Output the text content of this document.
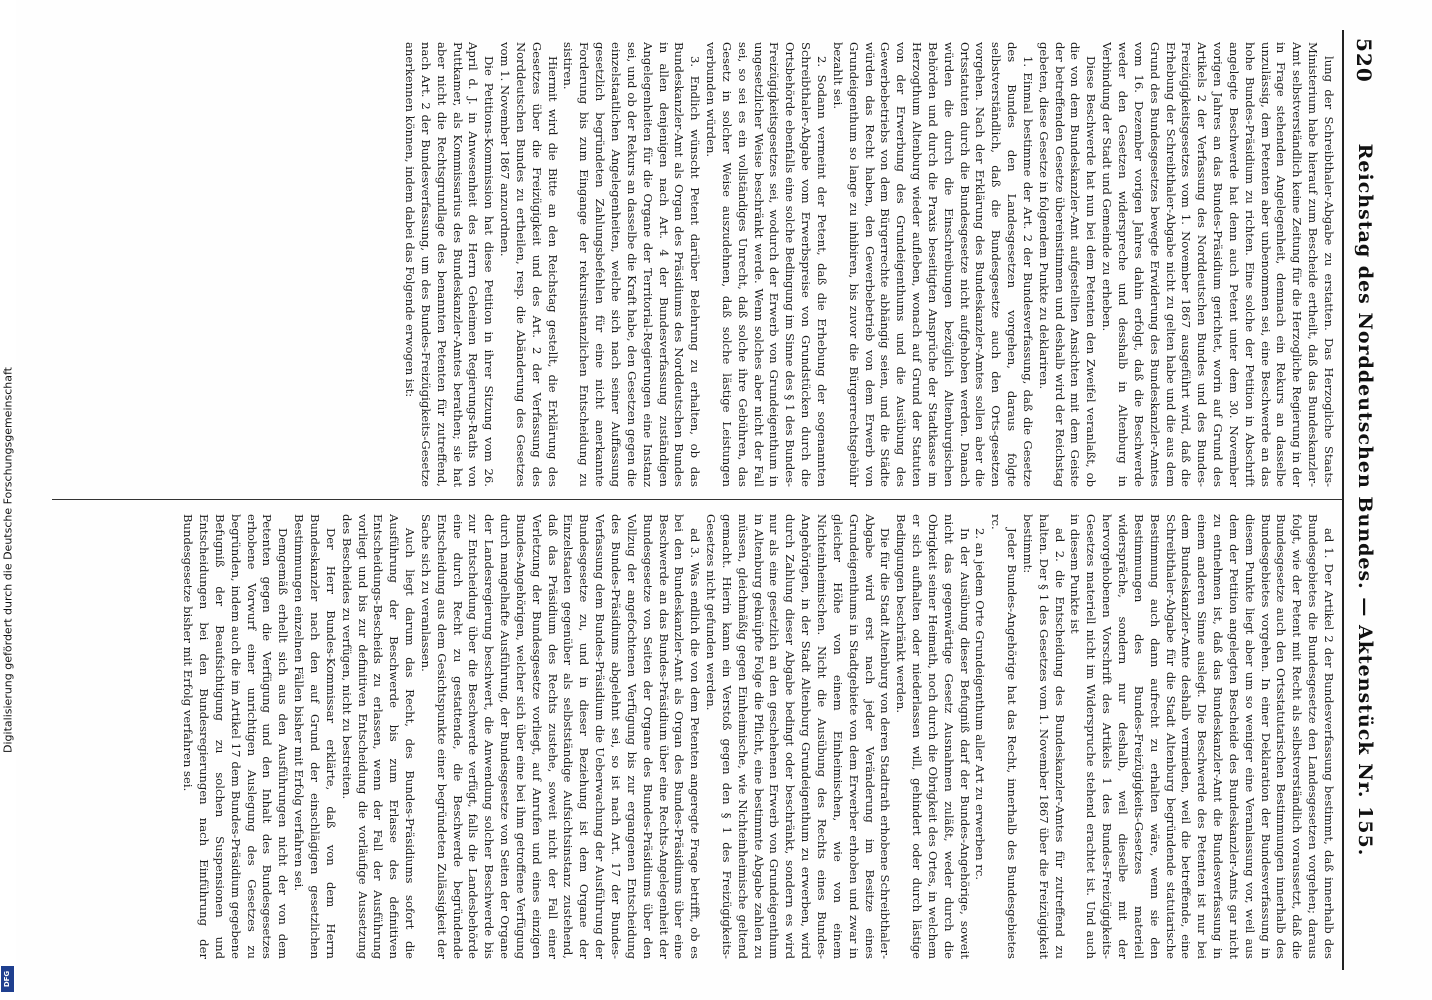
520
Reichstag des Norddeutschen Bundes. — Aktenstück Nr. 155.

lung der Schreibthaler-Abgabe zu erstatten. Das Herzogliche Staats-Ministerium habe hierauf zum Bescheide ertheilt, daß das Bundeskanzler-Amt selbstverständlich keine Zeitung für die Herzogliche Regierung in der in Frage stehenden Angelegenheit, demnach ein Rekurs an dasselbe unzulässig, dem Petenten aber unbenommen sei, eine Beschwerde an das hohe Bundes-Präsidium zu richten. Eine solche der Petition in Abschrift angelegte Beschwerde hat denn auch Petent unter dem 30. November vorigen Jahres an das Bundes-Präsidium gerichtet, worin auf Grund des Artikels 2 der Verfassung des Norddeutschen Bundes und des Bundes-Freizügigkeitsgesetzes vom 1. November 1867 ausgeführt wird, daß die Erhebung der Schreibthaler-Abgabe nicht zu gelten habe und die aus dem Grund des Bundesgesetzes bewegte Erwiderung des Bundeskanzler-Amtes vom 16. Dezember vorigen Jahres dahin erfolgt, daß die Beschwerde weder den Gesetzen widerspreche und desshalb in Altenburg in Verbindung der Stadt und Gemeinde zu erheben.

Diese Beschwerde hat nun bei dem Petenten den Zweifel veranlaßt, ob die von dem Bundeskanzler-Amt aufgestellten Ansichten mit dem Geiste der betreffenden Gesetze übereinstimmen und deshalb wird der Reichstag gebeten, diese Gesetze in folgendem Punkte zu deklariren.

1. Einmal bestimme der Art. 2 der Bundesverfassung, daß die Gesetze des Bundes den Landesgesetzen vorgehen, daraus folgte selbstverständlich, daß die Bundesgesetze auch den Orts-gesetzen vorgehen. Nach der Erklärung des Bundeskanzler-Amtes sollen aber die Ortsstatuten durch die Bundesgesetze nicht aufgehoben werden. Danach würden die durch die Einschreibungen bezüglich Altenburgischen Behörden und durch die Praxis beseitigten Ansprüche der Stadtkasse im Herzogthum Altenburg wieder aufleben, wonach auf Grund der Statuten von der Erwerbung des Grundeigenthums und die Ausübung des Gewerbebetriebs von dem Bürgerrechte abhängig seien, und die Städte würden das Recht haben, den Gewerbebetrieb von dem Erwerb von Grundeigenthum so lange zu inhibiren, bis zuvor die Bürgerrechtsgebühr bezahlt sei.

2. Sodann vermeint der Petent, daß die Erhebung der sogenannten Schreibthaler-Abgabe vom Erwerbspreise von Grundstücken durch die Ortsbehörde ebenfalls eine solche Bedingung im Sinne des § 1 des Bundes-Freizügigkeitsgesetzes sei, wodurch der Erwerb von Grundeigenthum in ungesetzlicher Weise beschränkt werde. Wenn solches aber nicht der Fall sei, so sei es ein vollständiges Unrecht, daß solche ihre Gebühren, das Gesetz in solcher Weise auszudehnen, daß solche lästige Leistungen verbunden würden.

3. Endlich wünscht Petent darüber Belehrung zu erhalten, ob das Bundeskanzler-Amt als Organ des Präsidiums des Norddeutschen Bundes in allen denjenigen nach Art. 4 der Bundesverfassung zuständigen Angelegenheiten für die Organe der Territorial-Regierungen eine Instanz sei, und ob der Rekurs an dasselbe die Kraft habe, den Gesetzen gegen die einzelstaatlichen Angelegenheiten, welche sich nach seiner Auffassung gesetzlich begründeten Zahlungsbefehlen für eine nicht anerkannte Forderung bis zum Eingange der rekursinstanzlichen Entscheidung zu sistiren.

Hiermit wird die Bitte an den Reichstag gestellt, die Erklärung des Gesetzes über die Freizügigkeit und des Art. 2 der Verfassung des Norddeutschen Bundes zu ertheilen, resp. die Abänderung des Gesetzes vom 1. November 1867 anzuordnen.

Die Petitions-Kommission hat diese Petition in ihrer Sitzung vom 26. April d. J. in Anwesenheit des Herrn Geheimen Regierungs-Raths von Puttkamer, als Kommissarius des Bundeskanzler-Amtes berathen; sie hat aber nicht die Rechtsgrundlage des benannten Petenten für zutreffend, nach Art. 2 der Bundesverfassung, um des Bundes-Freizügigkeits-Gesetze anerkennen können, indem dabei das Folgende erwogen ist:

ad 1. Der Artikel 2 der Bundesverfassung bestimmt, daß innerhalb des Bundesgebietes die Bundesgesetze den Landesgesetzen vorgehen; daraus folgt, wie der Petent mit Recht als selbstverständlich voraussetzt, daß die Bundesgesetze auch den Ortsstatutarischen Bestimmungen innerhalb des Bundesgebietes vorgehen. In einer Deklaration der Bundesverfassung in diesem Punkte liegt aber um so weniger eine Veranlassung vor, weil aus dem der Petition angelegten Bescheide des Bundeskanzler-Amts gar nicht zu entnehmen ist, daß das Bundeskanzler-Amt die Bundesverfassung in einem anderen Sinne auslegt. Die Beschwerde des Petenten ist nur bei dem Bundeskanzler-Amte deshalb vermieden, weil die betreffende, eine Schreibthaler-Abgabe für die Stadt Altenburg begründende statutarische Bestimmung auch dann aufrecht zu erhalten wäre, wenn sie den Bestimmungen des Bundes-Freizügigkeits-Gesetzes materiell widerspräche, sondern nur deshalb, weil dieselbe mit der hervorgehobenen Vorschrift des Artikels 1 des Bundes-Freizügigkeits-Gesetzes materiell nicht im Widerspruche stehend erachtet ist. Und auch in diesem Punkte ist

ad 2. die Entscheidung des Bundeskanzler-Amtes für zutreffend zu halten. Der § 1 des Gesetzes vom 1. November 1867 über die Freizügigkeit bestimmt:

Jeder Bundes-Angehörige hat das Recht, innerhalb des Bundesgebietes rc.

2. an jedem Orte Grundeigenthum aller Art zu erwerben rc.

In der Ausübung dieser Befugniß darf der Bundes-Angehörige, soweit nicht das gegenwärtige Gesetz Ausnahmen zuläßt, weder durch die Obrigkeit seiner Heimath, noch durch die Obrigkeit des Ortes, in welchem er sich aufhalten oder niederlassen will, gehindert oder durch lästige Bedingungen beschränkt werden.

Die für die Stadt Altenburg von deren Stadtrath erhobene Schreibthaler-Abgabe wird erst nach jeder Veränderung im Besitze eines Grundeigenthums in Stadtgebiete von dem Erwerber erhoben und zwar in gleicher Höhe von einem Einheimischen, wie von einem Nichteinheimischen. Nicht die Ausübung des Rechts eines Bundes-Angehörigen, in der Stadt Altenburg Grundeigenthum zu erwerben, wird durch Zahlung dieser Abgabe bedingt oder beschränkt, sondern es wird nur als eine gesetzlich an den geschehenen Erwerb von Grundeigenthum in Altenburg geknüpfte Folge die Pflicht, eine bestimmte Abgabe zahlen zu müssen, gleichmäßig gegen Einheimische, wie Nichteinheimische geltend gemacht. Hierin kann ein Verstoß gegen den § 1 des Freizügigkeits-Gesetzes nicht gefunden werden.

ad 3. Was endlich die von dem Petenten angeregte Frage betrifft, ob es bei den Bundeskanzler-Amt als Organ des Bundes-Präsidiums über eine Beschwerde an das Bundes-Präsidium über eine Rechts-Angelegenheit der Bundesgesetze von Seiten der Organe des Bundes-Präsidiums über den Vollzug der angefochtenen Verfügung bis zur ergangenen Entscheidung des Bundes-Präsidiums abgelehnt sei, so ist nach Art. 17 der Bundes-Verfassung dem Bundes-Präsidium die Ueberwachung der Ausführung der Bundesgesetze zu, und in dieser Beziehung ist dem Organe der Einzelstaaten gegenüber als selbstständige Aufsichtsinstanz zustehend, daß das Präsidium des Rechts zustehe, soweit nicht der Fall einer Verletzung der Bundesgesetze vorliegt, auf Anrufen und eines einzigen Bundes-Angehörigen, welcher sich über eine bei ihm getroffene Verfügung durch mangelhafte Ausführung, der Bundesgesetze von Seiten der Organe der Landesregierung beschwert, die Anwendung solcher Beschwerde bis zur Entscheidung über die Beschwerde verfügt, falls die Landesbehörde eine durch Recht zu gestattende, die Beschwerde begründende Entscheidung aus dem Gesichtspunkte einer begründeten Zulässigkeit der Sache sich zu veranlassen.

Auch liegt darum das Recht, des Bundes-Präsidiums sofort die Ausführung der Beschwerde bis zum Erlasse des definitiven Entscheidungs-Bescheids zu erlassen, wenn der Fall der Ausführung vorliegt und bis zur definitiven Entscheidung die vorläufige Aussetzung des Bescheides zu verfügen, nicht zu bestreiten.

Der Herr Bundes-Kommissar erklärte, daß von dem Herrn Bundeskanzler nach den auf Grund der einschlägigen gesetzlichen Bestimmungen einzelnen Fällen bisher mit Erfolg verfahren sei.

Demgemäß erhellt sich aus den Ausführungen nicht der von dem Petenten gegen die Verfügung und den Inhalt des Bundesgesetzes erhobene Vorwurf einer unrichtigen Auslegung des Gesetzes zu begründen, indem auch die im Artikel 17 dem Bundes-Präsidium gegebene Befugniß der Beaufsichtigung zu solchen Suspensionen und Entscheidungen bei den Bundesregierungen nach Einführung der Bundesgesetze bisher mit Erfolg verfahren sei.

Digitalisierung gefördert durch die Deutsche Forschungsgemeinschaft
DFG
